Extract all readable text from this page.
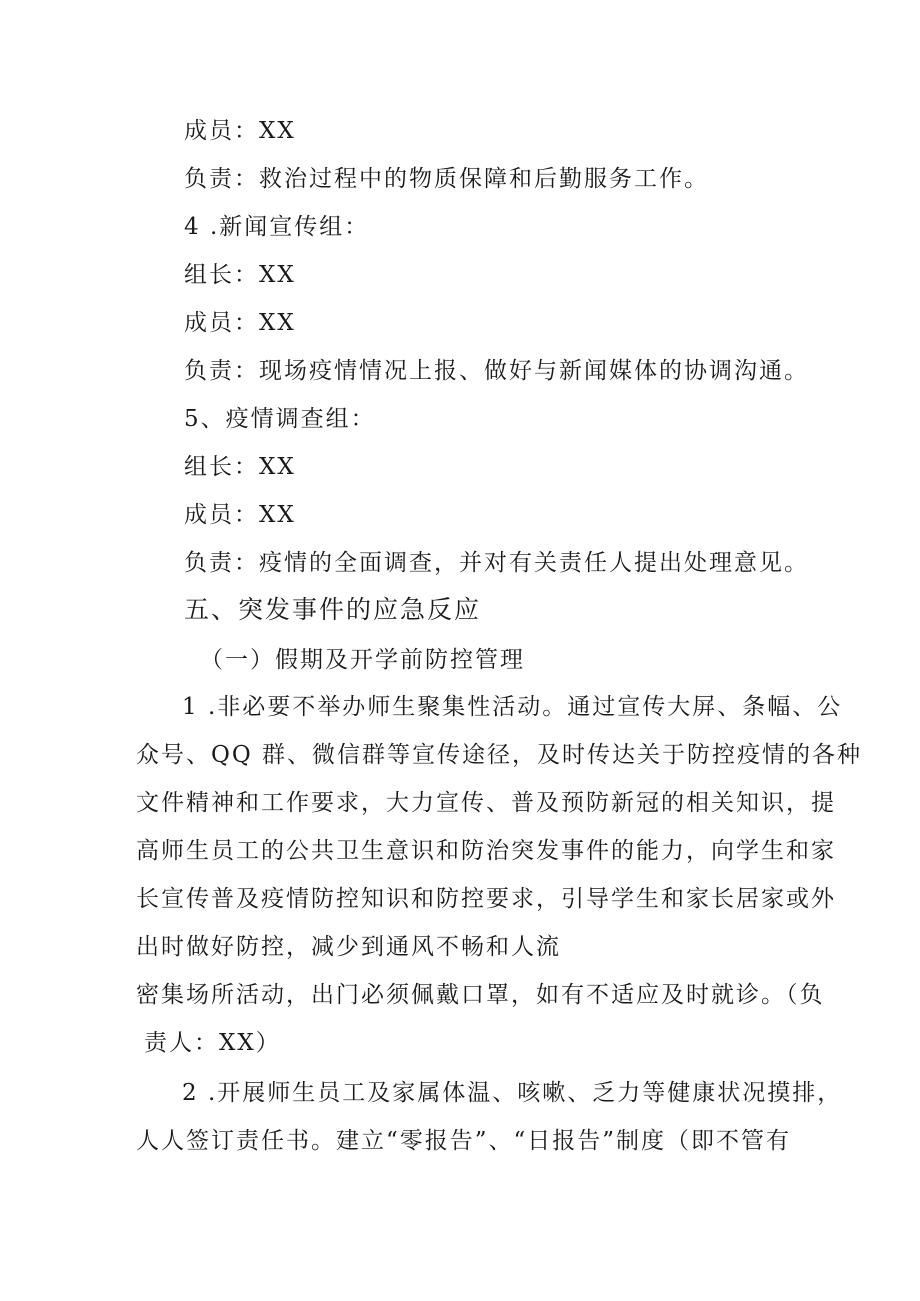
成员：XX
负责：救治过程中的物质保障和后勤服务工作。
4 .新闻宣传组：
组长：XX
成员：XX
负责：现场疫情情况上报、做好与新闻媒体的协调沟通。
5、疫情调查组：
组长：XX
成员：XX
负责：疫情的全面调查，并对有关责任人提出处理意见。
五、突发事件的应急反应
（一）假期及开学前防控管理
1 .非必要不举办师生聚集性活动。通过宣传大屏、条幅、公
众号、QQ 群、微信群等宣传途径，及时传达关于防控疫情的各种
文件精神和工作要求，大力宣传、普及预防新冠的相关知识，提
高师生员工的公共卫生意识和防治突发事件的能力，向学生和家
长宣传普及疫情防控知识和防控要求，引导学生和家长居家或外
出时做好防控，减少到通风不畅和人流
密集场所活动，出门必须佩戴口罩，如有不适应及时就诊。（负
责人：XX）
2 .开展师生员工及家属体温、咳嗽、乏力等健康状况摸排，
人人签订责任书。建立“零报告”、“日报告”制度（即不管有
